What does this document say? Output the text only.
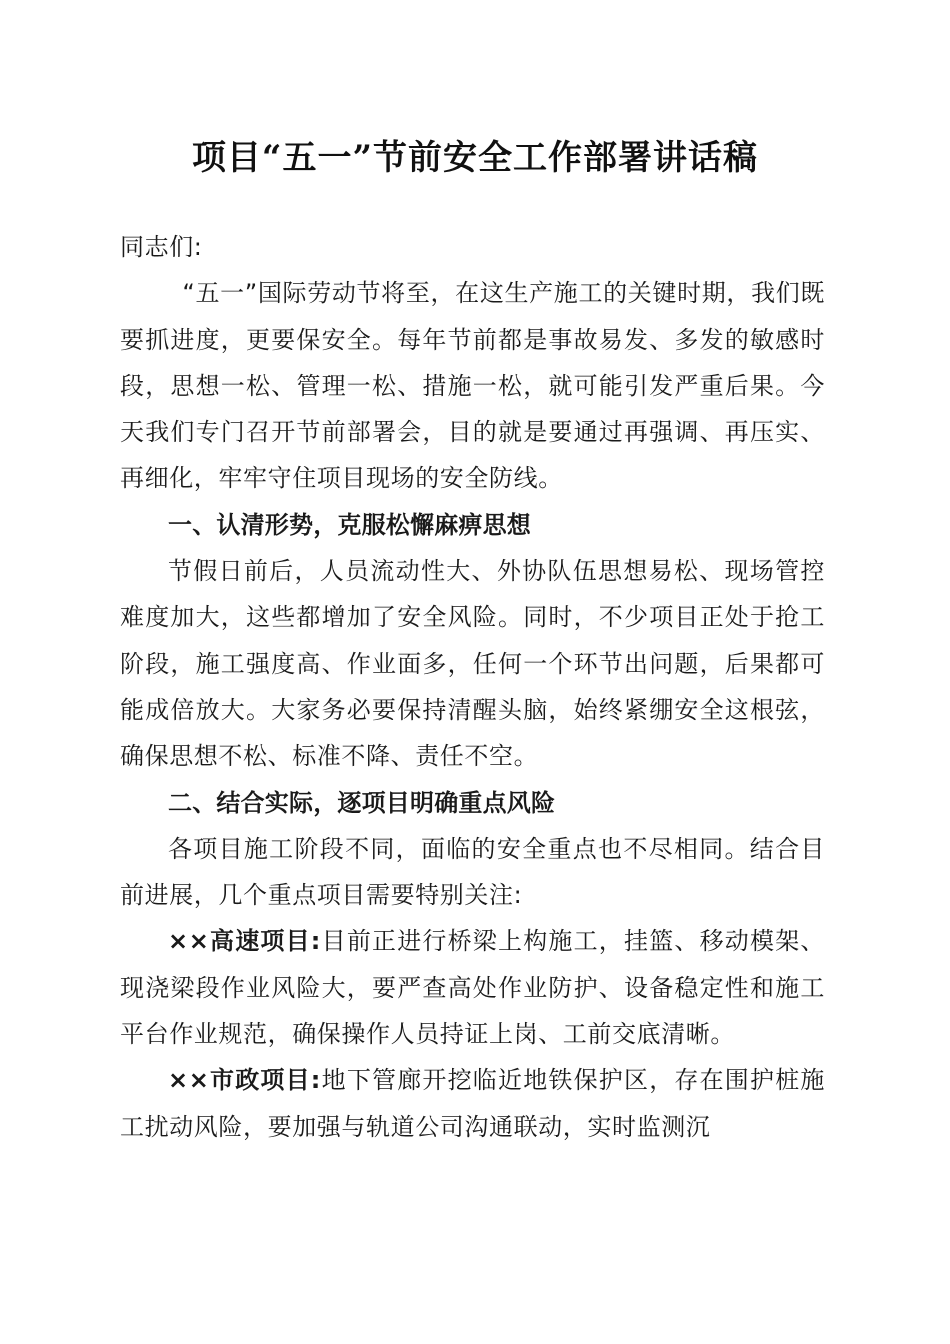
项目“五一”节前安全工作部署讲话稿

同志们:

“五一”国际劳动节将至，在这生产施工的关键时期，我们既要抓进度，更要保安全。每年节前都是事故易发、多发的敏感时段，思想一松、管理一松、措施一松，就可能引发严重后果。今天我们专门召开节前部署会，目的就是要通过再强调、再压实、再细化，牢牢守住项目现场的安全防线。

一、认清形势，克服松懈麻痹思想

节假日前后，人员流动性大、外协队伍思想易松、现场管控难度加大，这些都增加了安全风险。同时，不少项目正处于抢工阶段，施工强度高、作业面多，任何一个环节出问题，后果都可能成倍放大。大家务必要保持清醒头脑，始终紧绷安全这根弦，确保思想不松、标准不降、责任不空。

二、结合实际，逐项目明确重点风险

各项目施工阶段不同，面临的安全重点也不尽相同。结合目前进展，几个重点项目需要特别关注:

××高速项目:目前正进行桥梁上构施工，挂篮、移动模架、现浇梁段作业风险大，要严查高处作业防护、设备稳定性和施工平台作业规范，确保操作人员持证上岗、工前交底清晰。

××市政项目:地下管廊开挖临近地铁保护区，存在围护桩施工扰动风险，要加强与轨道公司沟通联动，实时监测沉
